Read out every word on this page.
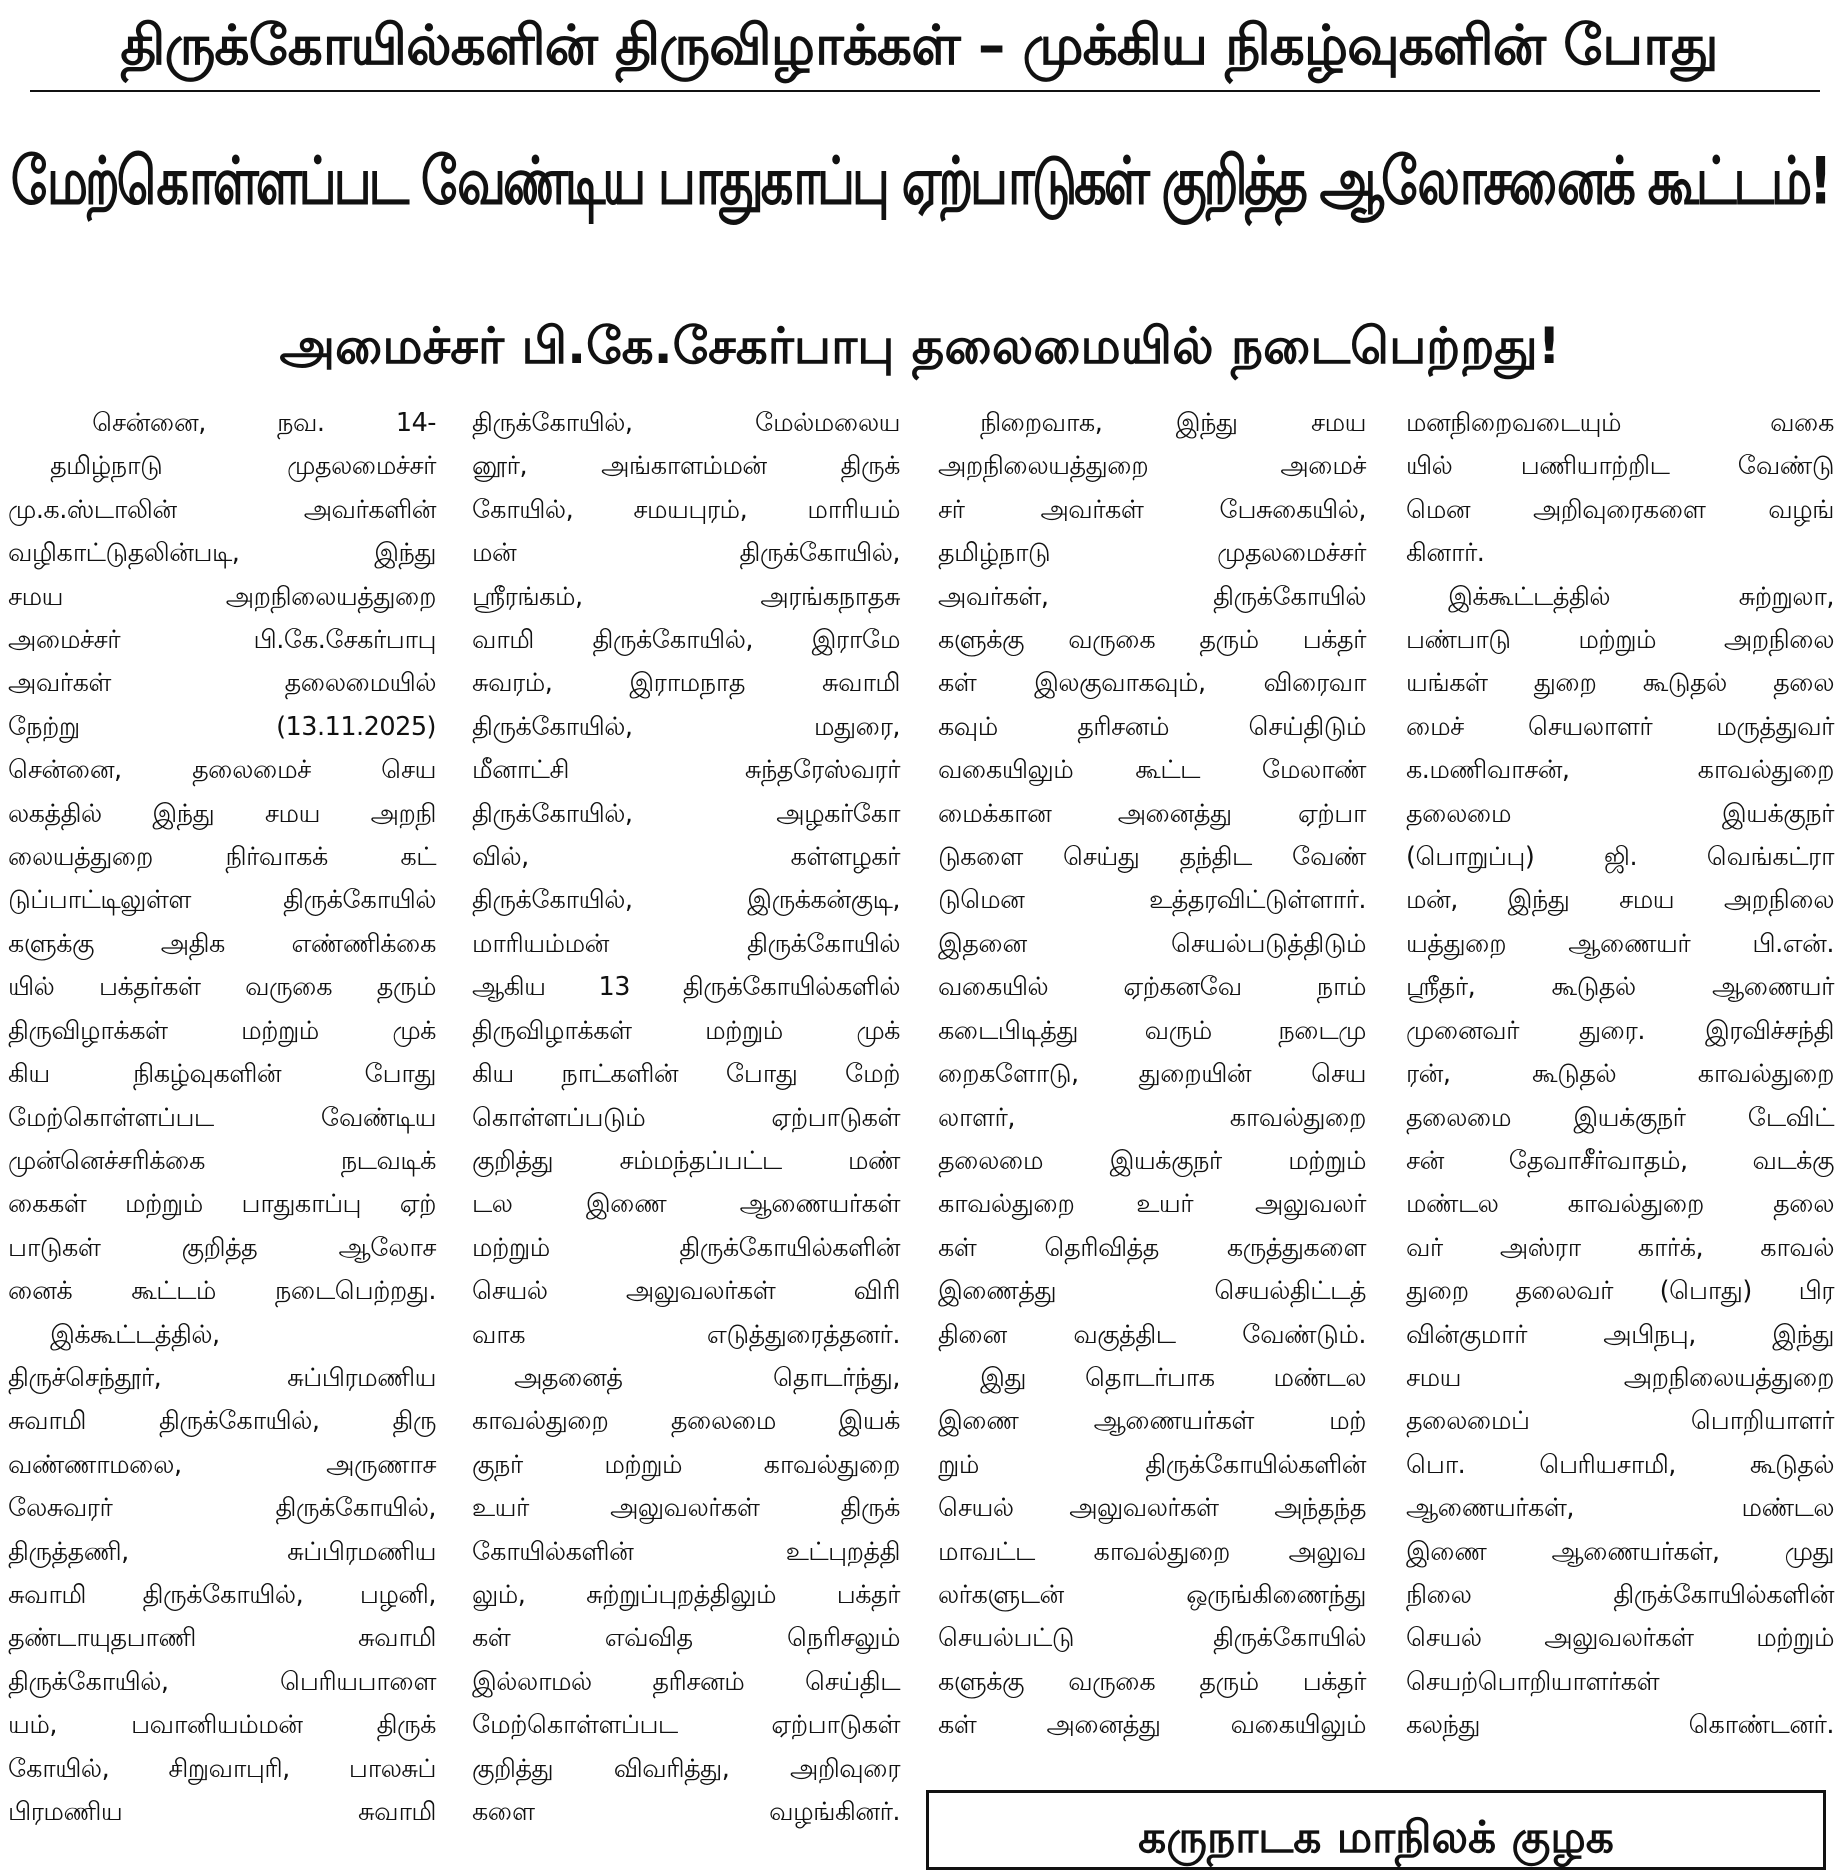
திருக்கோயில்களின் திருவிழாக்கள் – முக்கிய நிகழ்வுகளின் போது
மேற்கொள்ளப்பட வேண்டிய பாதுகாப்பு ஏற்பாடுகள் குறித்த ஆலோசனைக் கூட்டம்!
அமைச்சர் பி.கே.சேகர்பாபு தலைமையில் நடைபெற்றது!

சென்னை, நவ. 14-

தமிழ்நாடு முதலமைச்சர்

மு.க.ஸ்டாலின் அவர்களின்

வழிகாட்டுதலின்படி, இந்து

சமய அறநிலையத்துறை

அமைச்சர் பி.கே.சேகர்பாபு

அவர்கள் தலைமையில்

நேற்று (13.11.2025)

சென்னை, தலைமைச் செய

லகத்தில் இந்து சமய அறநி

லையத்துறை நிர்வாகக் கட்

டுப்பாட்டிலுள்ள திருக்கோயில்

களுக்கு அதிக எண்ணிக்கை

யில் பக்தர்கள் வருகை தரும்

திருவிழாக்கள் மற்றும் முக்

கிய நிகழ்வுகளின் போது

மேற்கொள்ளப்பட வேண்டிய

முன்னெச்சரிக்கை நடவடிக்

கைகள் மற்றும் பாதுகாப்பு ஏற்

பாடுகள் குறித்த ஆலோச

னைக் கூட்டம் நடைபெற்றது.

இக்கூட்டத்தில்,

திருச்செந்தூர், சுப்பிரமணிய

சுவாமி திருக்கோயில், திரு

வண்ணாமலை, அருணாச

லேசுவரர் திருக்கோயில்,

திருத்தணி, சுப்பிரமணிய

சுவாமி திருக்கோயில், பழனி,

தண்டாயுதபாணி சுவாமி

திருக்கோயில், பெரியபாளை

யம், பவானியம்மன் திருக்

கோயில், சிறுவாபுரி, பாலசுப்

பிரமணிய சுவாமி

திருக்கோயில், மேல்மலைய

னூர், அங்காளம்மன் திருக்

கோயில், சமயபுரம், மாரியம்

மன் திருக்கோயில்,

ஸ்ரீரங்கம், அரங்கநாதசு

வாமி திருக்கோயில், இராமே

சுவரம், இராமநாத சுவாமி

திருக்கோயில், மதுரை,

மீனாட்சி சுந்தரேஸ்வரர்

திருக்கோயில், அழகர்கோ

வில், கள்ளழகர்

திருக்கோயில், இருக்கன்குடி,

மாரியம்மன் திருக்கோயில்

ஆகிய 13 திருக்கோயில்களில்

திருவிழாக்கள் மற்றும் முக்

கிய நாட்களின் போது மேற்

கொள்ளப்படும் ஏற்பாடுகள்

குறித்து சம்மந்தப்பட்ட மண்

டல இணை ஆணையர்கள்

மற்றும் திருக்கோயில்களின்

செயல் அலுவலர்கள் விரி

வாக எடுத்துரைத்தனர்.

அதனைத் தொடர்ந்து,

காவல்துறை தலைமை இயக்

குநர் மற்றும் காவல்துறை

உயர் அலுவலர்கள் திருக்

கோயில்களின் உட்புறத்தி

லும், சுற்றுப்புறத்திலும் பக்தர்

கள் எவ்வித நெரிசலும்

இல்லாமல் தரிசனம் செய்திட

மேற்கொள்ளப்பட ஏற்பாடுகள்

குறித்து விவரித்து, அறிவுரை

களை வழங்கினர்.

நிறைவாக, இந்து சமய

அறநிலையத்துறை அமைச்

சர் அவர்கள் பேசுகையில்,

தமிழ்நாடு முதலமைச்சர்

அவர்கள், திருக்கோயில்

களுக்கு வருகை தரும் பக்தர்

கள் இலகுவாகவும், விரைவா

கவும் தரிசனம் செய்திடும்

வகையிலும் கூட்ட மேலாண்

மைக்கான அனைத்து ஏற்பா

டுகளை செய்து தந்திட வேண்

டுமென உத்தரவிட்டுள்ளார்.

இதனை செயல்படுத்திடும்

வகையில் ஏற்கனவே நாம்

கடைபிடித்து வரும் நடைமு

றைகளோடு, துறையின் செய

லாளர், காவல்துறை

தலைமை இயக்குநர் மற்றும்

காவல்துறை உயர் அலுவலர்

கள் தெரிவித்த கருத்துகளை

இணைத்து செயல்திட்டத்

தினை வகுத்திட வேண்டும்.

இது தொடர்பாக மண்டல

இணை ஆணையர்கள் மற்

றும் திருக்கோயில்களின்

செயல் அலுவலர்கள் அந்தந்த

மாவட்ட காவல்துறை அலுவ

லர்களுடன் ஒருங்கிணைந்து

செயல்பட்டு திருக்கோயில்

களுக்கு வருகை தரும் பக்தர்

கள் அனைத்து வகையிலும்

மனநிறைவடையும் வகை

யில் பணியாற்றிட வேண்டு

மென அறிவுரைகளை வழங்

கினார்.

இக்கூட்டத்தில் சுற்றுலா,

பண்பாடு மற்றும் அறநிலை

யங்கள் துறை கூடுதல் தலை

மைச் செயலாளர் மருத்துவர்

க.மணிவாசன், காவல்துறை

தலைமை இயக்குநர்

(பொறுப்பு) ஜி. வெங்கட்ரா

மன், இந்து சமய அறநிலை

யத்துறை ஆணையர் பி.என்.

ஸ்ரீதர், கூடுதல் ஆணையர்

முனைவர் துரை. இரவிச்சந்தி

ரன், கூடுதல் காவல்துறை

தலைமை இயக்குநர் டேவிட்

சன் தேவாசீர்வாதம், வடக்கு

மண்டல காவல்துறை தலை

வர் அஸ்ரா கார்க், காவல்

துறை தலைவர் (பொது) பிர

வின்குமார் அபிநபு, இந்து

சமய அறநிலையத்துறை

தலைமைப் பொறியாளர்

பொ. பெரியசாமி, கூடுதல்

ஆணையர்கள், மண்டல

இணை ஆணையர்கள், முது

நிலை திருக்கோயில்களின்

செயல் அலுவலர்கள் மற்றும்

செயற்பொறியாளர்கள்

கலந்து கொண்டனர்.

கருநாடக மாநிலக் குழக
